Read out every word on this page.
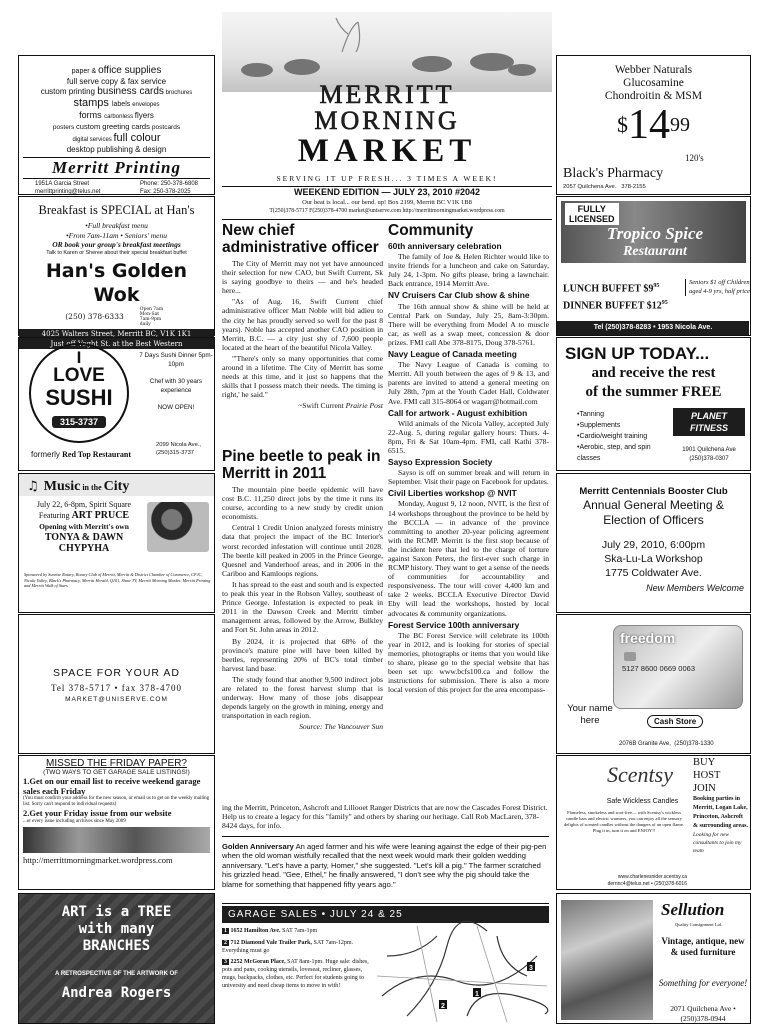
paper & office supplies
full serve copy & fax service
custom printing business cards brochures
stamps labels envelopes
forms carbonless flyers
posters custom greeting cards postcards
digital services full colour
desktop publishing & design
Merritt Printing
1951A Garcia Street
merrittprinting@telus.net
Phone: 250-378-6808
Fax: 250-378-2025
Breakfast is SPECIAL at Han's
•Full breakfast menu
•From 7am-11am • Seniors' menu
OR book your group's breakfast meetings
Talk to Karen or Sheree about their special breakfast buffet
Han's Golden Wok
(250) 378-6333
Open 7am Mon-Sat 7am-9pm daily
4025 Walters Street, Merritt BC, V1K 1K1
Just off Voght St. at the Best Western
I
LOVE
SUSHI
315-3737
7 Days Sushi Dinner 5pm-10pm
Chef with 30 years experience
NOW OPEN!
formerly Red Top Restaurant
2099 Nicola Ave.,
(250)315-3737
♫ Music in the City
July 22, 6-8pm, Spirit Square
Featuring ART PRUCE
Opening with Merritt's own
TONYA & DAWN
CHYPYHA
Sponsored by Sunrise Rotary, Rotary Club of Merritt, Merritt & District Chamber of Commerce, CFJC, Nicola Valley, Black's Pharmacy, Merritt Herald, Q101, Shaw TV, Merritt Morning Market, Merritt Printing and Merritt Walk of Stars
SPACE FOR YOUR AD
Tel 378-5717 • fax 378-4700
MARKET@UNISERVE.COM
MISSED THE FRIDAY PAPER?
(TWO WAYS TO GET GARAGE SALE LISTINGS!)
1.Get on our email list to receive weekend garage sales each Friday
(You must confirm your address for the new season, or email us to get on the weekly mailing list. Sorry can't respond to individual requests)
2.Get your Friday issue from our website
...or every issue including archives since May 2009
http://merrittmorningmarket.wordpress.com
ART is a TREE
with many
BRANCHES
A RETROSPECTIVE OF THE ARTWORK OF
Andrea Rogers
MERRITT
MORNING
MARKET
SERVING IT UP FRESH... 3 TIMES A WEEK!
WEEKEND EDITION — JULY 23, 2010 #2042
Our beat is local... our bend. up! Box 2199, Merritt BC V1K 1B8
T(250)378-5717 F(250)378-4700 market@uniserve.com http://merrittmorningmarket.wordpress.com
New chief administrative officer

The City of Merritt may not yet have announced their selection for new CAO, but Swift Current, Sk is saying goodbye to theirs — and he's headed here...

"As of Aug. 16, Swift Current chief administrative officer Matt Noble will bid adieu to the city he has proudly served so well for the past 8 years). Noble has accepted another CAO position in Merritt, B.C. — a city just shy of 7,600 people located at the heart of the beautiful Nicola Valley.

"'There's only so many opportunities that come around in a lifetime. The City of Merritt has some needs at this time, and it just so happens that the skills that I possess match their needs. The timing is right,' he said."

~Swift Current Prairie Post
Pine beetle to peak in Merritt in 2011

The mountain pine beetle epidemic will have cost B.C. 11,250 direct jobs by the time it runs its course, according to a new study by credit union economists.

Central 1 Credit Union analyzed forests ministry data that project the impact of the BC Interior's worst recorded infestation will continue until 2028. The beetle kill peaked in 2005 in the Prince George, Quesnel and Vanderhoof areas, and in 2006 in the Cariboo and Kamloops regions.

It has spread to the east and south and is expected to peak this year in the Robson Valley, southeast of Prince George. Infestation is expected to peak in 2011 in the Dawson Creek and Merritt timber management areas, followed by the Arrow, Bulkley and Fort St. John areas in 2012.

By 2024, it is projected that 68% of the province's mature pine will have been killed by beetles, representing 20% of BC's total timber harvest land base.

The study found that another 9,500 indirect jobs are related to the forest harvest slump that is underway. How many of those jobs disappear depends largely on the growth in mining, energy and transportation in each region.

Source: The Vancouver Sun
Community
60th anniversary celebration

The family of Joe & Helen Richter would like to invite friends for a luncheon and cake on Saturday, July 24, 1-3pm. No gifts please, bring a lawnchair. Back entrance, 1914 Merritt Ave.

NV Cruisers Car Club show & shine

The 16th annual show & shine will be held at Central Park on Sunday, July 25, 8am-3:30pm. There will be everything from Model A to muscle car, as well as a swap meet, concession & door prizes. FMI call Abe 378-8175, Doug 378-5761.

Navy League of Canada meeting

The Navy League of Canada is coming to Merritt. All youth between the ages of 9 & 13, and parents are invited to attend a general meeting on July 28th, 7pm at the Youth Cadet Hall, Coldwater Ave. FMI call 315-8064 or wagarr@hotmail.com

Call for artwork - August exhibition

Wild animals of the Nicola Valley, accepted July 22-Aug. 5, during regular gallery hours: Thurs. 4-8pm, Fri & Sat 10am-4pm. FMI, call Kathi 378-6515.

Sayso Expression Society

Sayso is off on summer break and will return in September. Visit their page on Facebook for updates.

Civil Liberties workshop @ NVIT

Monday, August 9, 12 noon, NVIT, is the first of 14 workshops throughout the province to be held by the BCCLA — in advance of the province committing to another 20-year policing agreement with the RCMP. Merritt is the first stop because of the incident here that led to the charge of torture against Saxon Peters, the first-ever such charge in RCMP history. They want to get a sense of the needs of communities for accountability and responsiveness. The tour will cover 4,400 km and take 2 weeks. BCCLA Executive Director David Eby will lead the workshops, hosted by local advocates & community organizations.

Forest Service 100th anniversary

The BC Forest Service will celebrate its 100th year in 2012, and is looking for stories of special memories, photographs or items that you would like to share, please go to the special website that has been set up: www.bcfs100.ca and follow the instructions for submission. There is also a more local version of this project for the area encompass-

ing the Merritt, Princeton, Ashcroft and Lillooet Ranger Districts that are now the Cascades Forest District. Help us to create a legacy for this "family" and others by sharing our heritage. Call Rob MacLaren, 378-8424 days, for info.
Golden Anniversary An aged farmer and his wife were leaning against the edge of their pig-pen when the old woman wistfully recalled that the next week would mark their golden wedding anniversary. "Let's have a party, Homer," she suggested. "Let's kill a pig." The farmer scratched his grizzled head. "Gee, Ethel," he finally answered, "I don't see why the pig should take the blame for something that happened fifty years ago."
GARAGE SALES • JULY 24 & 25
1 1652 Hamilton Ave. SAT 7am-1pm
2 712 Diamond Vale Trailer Park, SAT 7am-12pm. Everything must go
3 2252 McGoran Place, SAT 8am-1pm. Huge sale: dishes, pots and pans, cooking utensils, loveseat, recliner, glasses, mugs, backpacks, clothes, etc. Perfect for students going to university and need cheap items to move in with!
1
2
3
Webber Naturals
Glucosamine
Chondroitin & MSM
$1499
120's
Black's Pharmacy
2057 Quilchena Ave. 378-2155
FULLY
LICENSED
Tropico Spice
Restaurant
LUNCH BUFFET $\$9^{95}$
DINNER BUFFET $\$12^{95}$
Seniors $1 off Children aged 4-9 yrs, half price
Tel (250)378-8283 • 1953 Nicola Ave.
SIGN UP TODAY...
and receive the rest
of the summer FREE
•Tanning
•Supplements
•Cardio/weight training
•Aerobic, step, and spin classes
PLANET
FITNESS
1901 Quilchena Ave
(250)378-0307
Merritt Centennials Booster Club
Annual General Meeting &
Election of Officers
July 29, 2010, 6:00pm
Ska-Lu-La Workshop
1775 Coldwater Ave.
New Members Welcome
freedom
5127 8600 0669 0063
Your name here	Cash Store
2076B Granite Ave, (250)378-1330
Scentsy
Safe Wickless Candles
Flameless, smokeless and soot-free— with Scentsy's wickless candle bars and electric warmers, you can enjoy all the sensory delights of scented candles without the dangers of an open flame. Plug it in, turn it on and ENJOY!!
www.charlenesnider.scentsy.ca
derrinc4@telus.net • (250)378-6016
BUY
HOST
JOIN
Booking parties in Merritt, Logan Lake, Princeton, Ashcroft & surrounding areas.
Looking for new consultants to join my team
Sellution
Quality Consignment Ltd.
Vintage, antique, new & used furniture
Something for everyone!
2071 Quilchena Ave •
(250)378-0944
